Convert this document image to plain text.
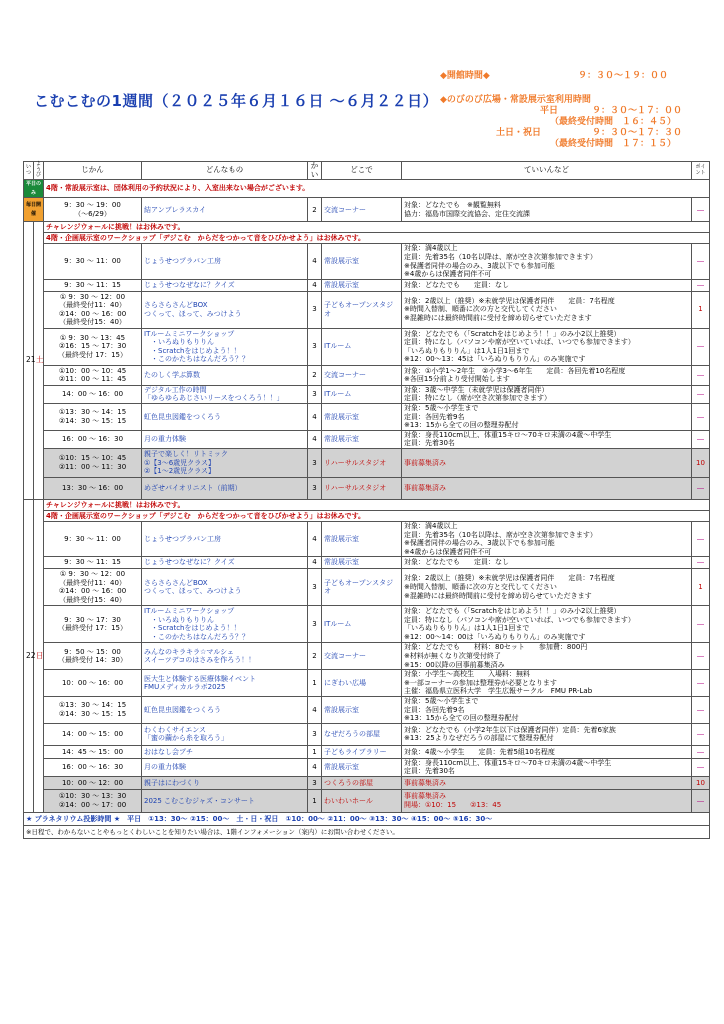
こむこむの1週間（２０２５年６月１６日 ～６月２２日）
◆開館時間◆	９：３０～１９：００
◆のびのび広場・常設展示室利用時間
平日	９：３０～１７：００
（最終受付時間　１６：４５）
土日・祝日	９：３０～１７：３０
（最終受付時間　１７：１５）
いつ	ようび	じかん	どんなもの	かい	どこで	ていいんなど	ポイント
平日のみ		4階・常設展示室は、団体利用の予約状況により、入室出来ない場合がございます。					
毎日開催		9：30 ～ 19：00
（～6/29）	結アンブレラスカイ	2	交流コーナー	対象：どなたでも　※観覧無料
協力：福島市国際交流協会、定住交流課	―
21	土	チャレンジウォールに挑戦！はお休みです。					
		4階・企画展示室のワークショップ「デジこむ　からだをつかって音をひびかせよう」はお休みです。					
		9：30 ～ 11：00	じょうせつプラバン工房	4	常設展示室	対象：満4歳以上
定員：先着35名（10名以降は、席が空き次第参加できます）
※保護者同伴の場合のみ、3歳以下でも参加可能
※4歳からは保護者同伴不可	―
		9：30 ～ 11：15	じょうせつなぜなに？クイズ	4	常設展示室	対象：どなたでも　　定員：なし	―
		① 9：30 ～ 12：00
（最終受付11：40）
②14：00 ～ 16：00
（最終受付15：40）	さらさらさんどBOX
つくって、ほって、みつけよう	3	子どもオープンスタジオ	対象：2歳以上（推奨）※未就学児は保護者同伴　　定員：7名程度
※時間入替制、順番に次の方と交代してください
※混雑時には最終時間前に受付を締め切らせていただきます	1
		① 9：30 ～ 13：45
②16：15 ～ 17：30
（最終受付 17：15）	ITルームミニワークショップ
　・いろぬりもりりん
　・Scratchをはじめよう！！
　・このかたちはなんだろう？？	3	ITルーム	対象：どなたでも（「Scratchをはじめよう！！」のみ小2以上推奨）
定員：特になし（パソコンや席が空いていれば、いつでも参加できます）
「いろぬりもりりん」は1人1日1回まで
※12：00～13：45は「いろぬりもりりん」のみ実施です	―
		①10：00 ～ 10：45
②11：00 ～ 11：45	たのしく学ぶ算数	2	交流コーナー	対象：①小学1～2年生　②小学3～6年生　　定員：各回先着10名程度
※各回15分前より受付開始します	―
		14：00 ～ 16：00	デジタル工作の時間
「ゆらゆらあじさいリースをつくろう！！」	3	ITルーム	対象：3歳～中学生（未就学児は保護者同伴）
定員：特になし（席が空き次第参加できます）	―
		①13：30 ～ 14：15
②14：30 ～ 15：15	虹色昆虫図鑑をつくろう	4	常設展示室	対象：5歳～小学生まで
定員：各回先着9名
※13：15から全ての回の整理券配付	―
		16：00 ～ 16：30	月の重力体験	4	常設展示室	対象：身長110cm以上、体重15キロ～70キロ未満の4歳～中学生
定員：先着30名	―
		①10：15 ～ 10：45
②11：00 ～ 11：30	親子で楽しく！リトミック
①【3～6歳児クラス】
②【1～2歳児クラス】	3	リハーサルスタジオ	事前募集済み	10
		13：30 ～ 16：00	めざせバイオリニスト（前期）	3	リハーサルスタジオ	事前募集済み	―
22	日	チャレンジウォールに挑戦！はお休みです。					
		4階・企画展示室のワークショップ「デジこむ　からだをつかって音をひびかせよう」はお休みです。					
		9：30 ～ 11：00	じょうせつプラバン工房	4	常設展示室	対象：満4歳以上
定員：先着35名（10名以降は、席が空き次第参加できます）
※保護者同伴の場合のみ、3歳以下でも参加可能
※4歳からは保護者同伴不可	―
		9：30 ～ 11：15	じょうせつなぜなに？クイズ	4	常設展示室	対象：どなたでも　　定員：なし	―
		① 9：30 ～ 12：00
（最終受付11：40）
②14：00 ～ 16：00
（最終受付15：40）	さらさらさんどBOX
つくって、ほって、みつけよう	3	子どもオープンスタジオ	対象：2歳以上（推奨）※未就学児は保護者同伴　　定員：7名程度
※時間入替制、順番に次の方と交代してください
※混雑時には最終時間前に受付を締め切らせていただきます	1
		9：30 ～ 17：30
（最終受付 17：15）	ITルームミニワークショップ
　・いろぬりもりりん
　・Scratchをはじめよう！！
　・このかたちはなんだろう？？	3	ITルーム	対象：どなたでも（「Scratchをはじめよう！！」のみ小2以上推奨）
定員：特になし（パソコンや席が空いていれば、いつでも参加できます）
「いろぬりもりりん」は1人1日1回まで
※12：00～14：00は「いろぬりもりりん」のみ実施です	―
		9：50 ～ 15：00
（最終受付 14：30）	みんなのキラキラ☆マルシェ
スイーツデコのはさみを作ろう！！	2	交流コーナー	対象：どなたでも　　材料：80セット　　参加費：800円
※材料が無くなり次第受付終了
※15：00以降の回事前募集済み	―
		10：00 ～ 16：00	医大生と体験する医療体験イベント
FMUメディカルラボ2025	1	にぎわい広場	対象：小学生～高校生　　入場料：無料
※一部コーナーの参加は整理券が必要となります
主催：福島県立医科大学　学生広報サークル　FMU PR-Lab	―
		①13：30 ～ 14：15
②14：30 ～ 15：15	虹色昆虫図鑑をつくろう	4	常設展示室	対象：5歳～小学生まで
定員：各回先着9名
※13：15から全ての回の整理券配付	―
		14：00 ～ 15：00	わくわくサイエンス
「蜜の繭から糸を取ろう」	3	なぜだろうの部屋	対象：どなたでも（小学2年生以下は保護者同伴）定員：先着6家族
※13：25よりなぜだろうの部屋にて整理券配付	―
		14：45 ～ 15：00	おはなし会プチ	1	子どもライブラリー	対象：4歳～小学生　　定員：先着5組10名程度	―
		16：00 ～ 16：30	月の重力体験	4	常設展示室	対象：身長110cm以上、体重15キロ～70キロ未満の4歳～中学生
定員：先着30名	―
		10：00 ～ 12：00	親子はにわづくり	3	つくろうの部屋	事前募集済み	10
		①10：30 ～ 13：30
②14：00 ～ 17：00	2025 こむこむジャズ・コンサート	1	わいわいホール	事前募集済み
開場：①10：15　　②13：45	―
★ プラネタリウム投影時間 ★　平日　①13：30～ ②15：00～　土・日・祝日　①10：00～ ②11：00～ ③13：30～ ④15：00～ ⑤16：30～							
※日程で、わからないことやもっとくわしいことを知りたい場合は、1階インフォメーション（案内）にお問い合わせください。							
